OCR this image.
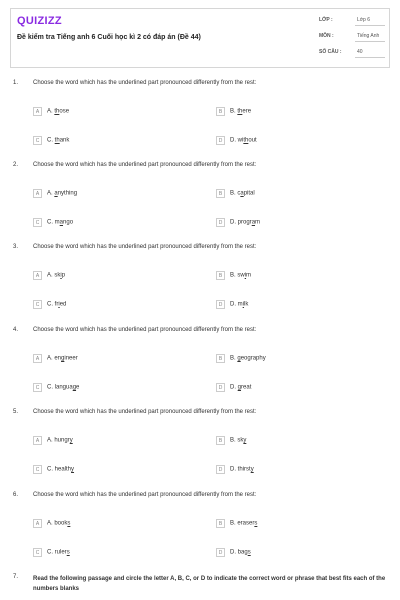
QUIZIZZ
Đề kiểm tra Tiếng anh 6 Cuối học kì 2 có đáp án (Đề 44)
LỚP :	Lớp 6
MÔN :	Tiếng Anh
SỐ CÂU :	40
1. Choose the word which has the underlined part pronounced differently from the rest:
A A. those	B B. there
C C. thank	D D. without
2. Choose the word which has the underlined part pronounced differently from the rest:
A A. anything	B B. capital
C C. mango	D D. program
3. Choose the word which has the underlined part pronounced differently from the rest:
A A. skip	B B. swim
C C. fried	D D. milk
4. Choose the word which has the underlined part pronounced differently from the rest:
A A. engineer	B B. geography
C C. language	D D. great
5. Choose the word which has the underlined part pronounced differently from the rest:
A A. hungry	B B. sky
C C. healthy	D D. thirsty
6. Choose the word which has the underlined part pronounced differently from the rest:
A A. books	B B. erasers
C C. rulers	D D. bags
7. Read the following passage and circle the letter A, B, C, or D to indicate the correct word or phrase that best fits each of the numbers blanks
